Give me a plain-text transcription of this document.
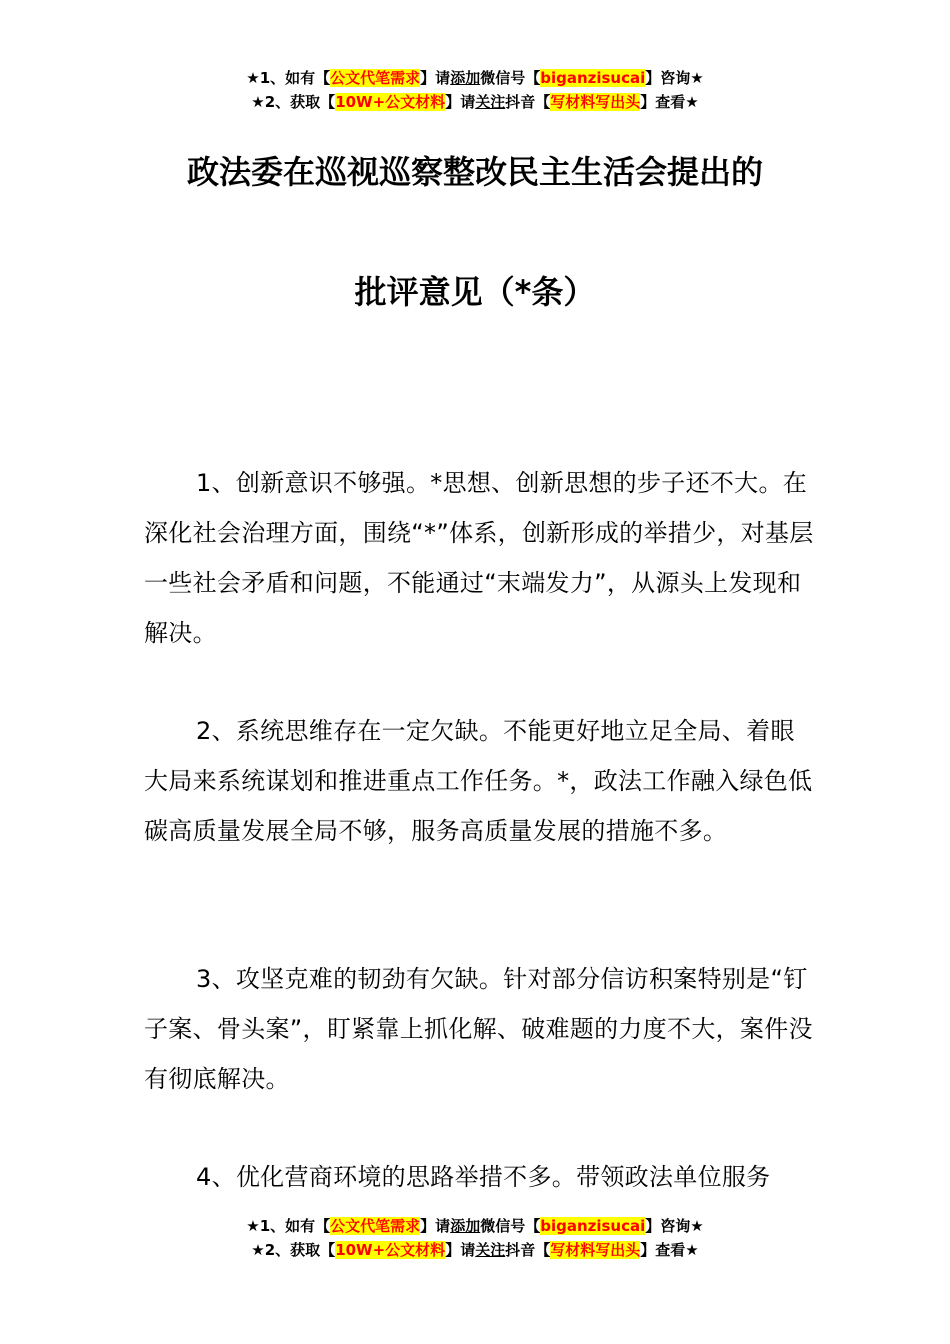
★1、如有【公文代笔需求】请添加微信号【biganzisucai】咨询★
★2、获取【10W+公文材料】请关注抖音【写材料写出头】查看★
政法委在巡视巡察整改民主生活会提出的
批评意见（*条）

1、创新意识不够强。*思想、创新思想的步子还不大。在深化社会治理方面，围绕“*”体系，创新形成的举措少，对基层一些社会矛盾和问题，不能通过“末端发力”，从源头上发现和解决。

2、系统思维存在一定欠缺。不能更好地立足全局、着眼大局来系统谋划和推进重点工作任务。*，政法工作融入绿色低碳高质量发展全局不够，服务高质量发展的措施不多。

3、攻坚克难的韧劲有欠缺。针对部分信访积案特别是“钉子案、骨头案”，盯紧靠上抓化解、破难题的力度不大，案件没有彻底解决。

4、优化营商环境的思路举措不多。带领政法单位服务

★1、如有【公文代笔需求】请添加微信号【biganzisucai】咨询★
★2、获取【10W+公文材料】请关注抖音【写材料写出头】查看★
